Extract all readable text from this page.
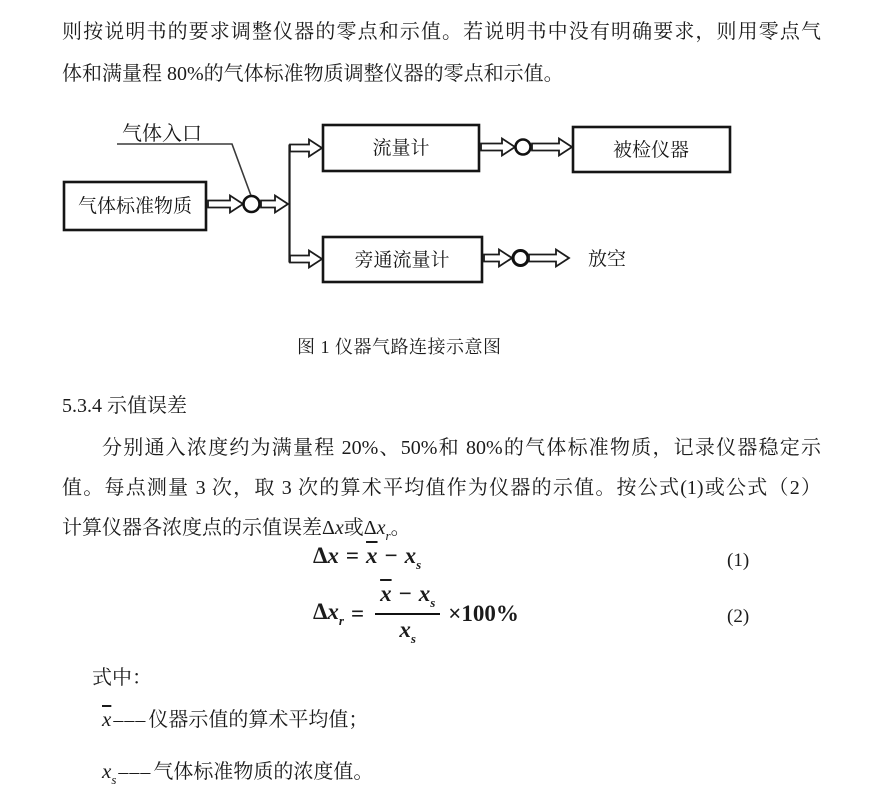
则按说明书的要求调整仪器的零点和示值。若说明书中没有明确要求，则用零点气
体和满量程 80%的气体标准物质调整仪器的零点和示值。
气体入口
气体标准物质
流量计	被检仪器
旁通流量计	放空
图 1 仪器气路连接示意图
5.3.4 示值误差
分别通入浓度约为满量程 20%、50%和 80%的气体标准物质，记录仪器稳定示
值。每点测量 3 次，取 3 次的算术平均值作为仪器的示值。按公式(1)或公式（2）
计算仪器各浓度点的示值误差Δx或$\Delta x_r$。
$\Delta x = \overline{x} - x_s$	(1)
$\Delta x_r = \frac{\overline{x} - x_s}{x_s} \times 100\%$	(2)
式中：
$\overline{x}$ ––– 仪器示值的算术平均值；
$x_s$ ––– 气体标准物质的浓度值。
